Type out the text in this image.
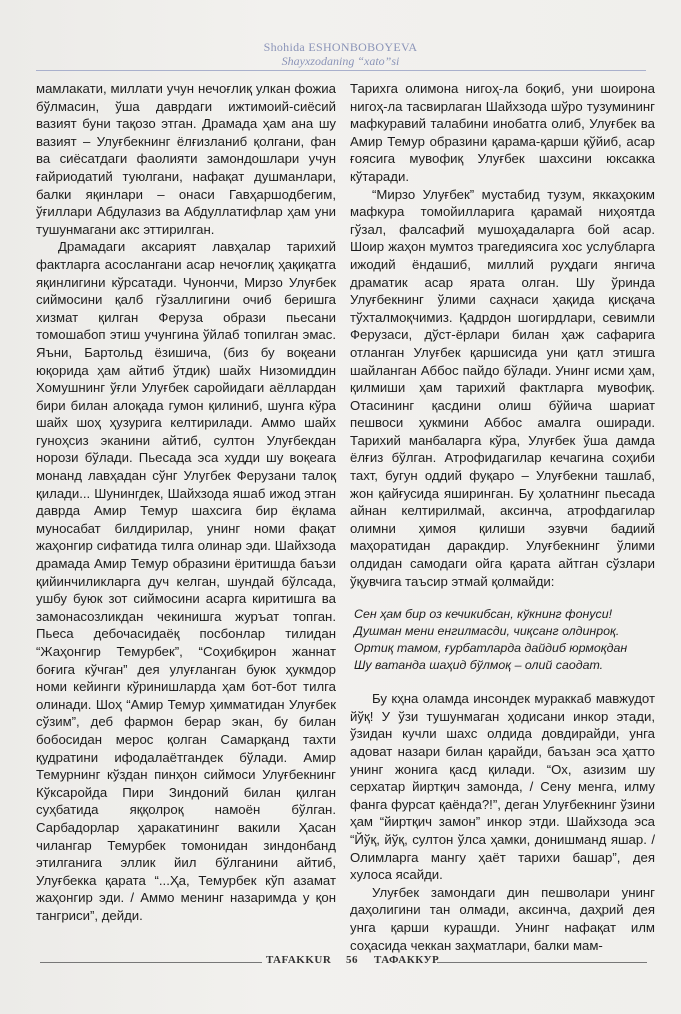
Shohida ESHONBOBOYEVA
Shayxzodaning “xato”si

мамлакати, миллати учун нечоғлиқ улкан фожиа бўлмасин, ўша даврдаги ижтимоий-сиёсий вазият буни тақозо этган. Драмада ҳам ана шу вазият – Улуғбекнинг ёлғизланиб қолгани, фан ва сиёсатдаги фаолияти замондошлари учун ғайриодатий туюлгани, нафақат душманлари, балки яқинлари – онаси Гавҳаршодбегим, ўғиллари Абдулазиз ва Абдуллатифлар ҳам уни тушунмагани акс эттирилган.

Драмадаги аксарият лавҳалар тарихий фактларга асослангани асар нечоғлиқ ҳақиқатга яқинлигини кўрсатади. Чунончи, Мирзо Улуғбек сиймосини қалб гўзаллигини очиб беришга хизмат қилган Феруза образи пьесани томошабоп этиш учунгина ўйлаб топилган эмас. Яъни, Бартольд ёзишича, (биз бу воқеани юқорида ҳам айтиб ўтдик) шайх Низомиддин Хомушнинг ўғли Улуғбек саройидаги аёллардан бири билан алоқада гумон қилиниб, шунга кўра шайх шоҳ ҳузурига келтирилади. Аммо шайх гуноҳсиз эканини айтиб, султон Улуғбекдан норози бўлади. Пьесада эса худди шу воқеага монанд лавҳадан сўнг Улугбек Ферузани талоқ қилади... Шунингдек, Шайхзода яшаб ижод этган даврда Амир Темур шахсига бир ёқлама муносабат билдирилар, унинг номи фақат жаҳонгир сифатида тилга олинар эди. Шайхзода драмада Амир Темур образини ёритишда баъзи қийинчиликларга дуч келган, шундай бўлсада, ушбу буюк зот сиймосини асарга киритишга ва замонасозликдан чекинишга журъат топган. Пьеса дебочасидаёқ посбонлар тилидан “Жаҳонгир Темурбек”, “Соҳибқирон жаннат боғига кўчган” дея улуғланган буюк ҳукмдор номи кейинги кўринишларда ҳам бот-бот тилга олинади. Шоҳ “Амир Темур ҳимматидан Улуғбек сўзим”, деб фармон берар экан, бу билан бобосидан мерос қолган Самарқанд тахти қудратини ифодалаётгандек бўлади. Амир Темурнинг кўздан пинҳон сиймоси Улуғбекнинг Кўксаройда Пири Зиндоний билан қилган суҳбатида яққолроқ намоён бўлган. Сарбадорлар ҳаракатининг вакили Ҳасан чилангар Темурбек томонидан зиндонбанд этилганига эллик йил бўлганини айтиб, Улуғбекка қарата “...Ҳа, Темурбек кўп азамат жаҳонгир эди. / Аммо менинг назаримда у қон тангриси”, дейди.

Тарихга олимона нигоҳ-ла боқиб, уни шоирона нигоҳ-ла тасвирлаган Шайхзода шўро тузумининг мафкуравий талабини инобатга олиб, Улуғбек ва Амир Темур образини қарама-қарши қўйиб, асар ғоясига мувофиқ Улуғбек шахсини юксакка кўтаради.

“Мирзо Улуғбек” мустабид тузум, яккаҳоким мафкура томойилларига қарамай ниҳоятда гўзал, фалсафий мушоҳадаларга бой асар. Шоир жаҳон мумтоз трагедиясига хос услубларга ижодий ёндашиб, миллий руҳдаги янгича драматик асар ярата олган. Шу ўринда Улуғбекнинг ўлими саҳнаси ҳақида қисқача тўхталмоқчимиз. Қадрдон шогирдлари, севимли Ферузаси, дўст-ёрлари билан ҳаж сафарига отланган Улуғбек қаршисида уни қатл этишга шайланган Аббос пайдо бўлади. Унинг исми ҳам, қилмиши ҳам тарихий фактларга мувофиқ. Отасининг қасдини олиш бўйича шариат пешвоси ҳукмини Аббос амалга оширади. Тарихий манбаларга кўра, Улуғбек ўша дамда ёлғиз бўлган. Атрофидагилар кечагина соҳиби тахт, бугун оддий фуқаро – Улуғбекни ташлаб, жон қайғусида яширинган. Бу ҳолатнинг пьесада айнан келтирилмай, аксинча, атрофдагилар олимни ҳимоя қилиши эзувчи бадиий маҳоратидан даракдир. Улуғбекнинг ўлими олдидан самодаги ойга қарата айтган сўзлари ўқувчига таъсир этмай қолмайди:

Сен ҳам бир оз кечикибсан, кўкнинг фонуси!
Душман мени енгилмасди, чиқсанг олдинроқ.
Ортиқ тамом, ғурбатларда дайдиб юрмоқдан
Шу ватанда шаҳид бўлмоқ – олий саодат.

Бу кҳна оламда инсондек мураккаб мавжудот йўқ! У ўзи тушунмаган ҳодисани инкор этади, ўзидан кучли шахс олдида довдирайди, унга адоват назари билан қарайди, баъзан эса ҳатто унинг жонига қасд қилади. “Ох, азизим шу серхатар йиртқич замонда, / Сену менга, илму фанга фурсат қаёнда?!”, деган Улуғбекнинг ўзини ҳам “йиртқич замон” инкор этди. Шайхзода эса “Йўқ, йўқ, султон ўлса ҳамки, донишманд яшар. / Олимларга мангу ҳаёт тарихи башар”, дея хулоса ясайди.

Улуғбек замондаги дин пешволари унинг даҳолигини тан олмади, аксинча, даҳрий дея унга қарши курашди. Унинг нафақат илм соҳасида чеккан заҳматлари, балки мам-

TAFAKKUR 56 ТАФАККУР
